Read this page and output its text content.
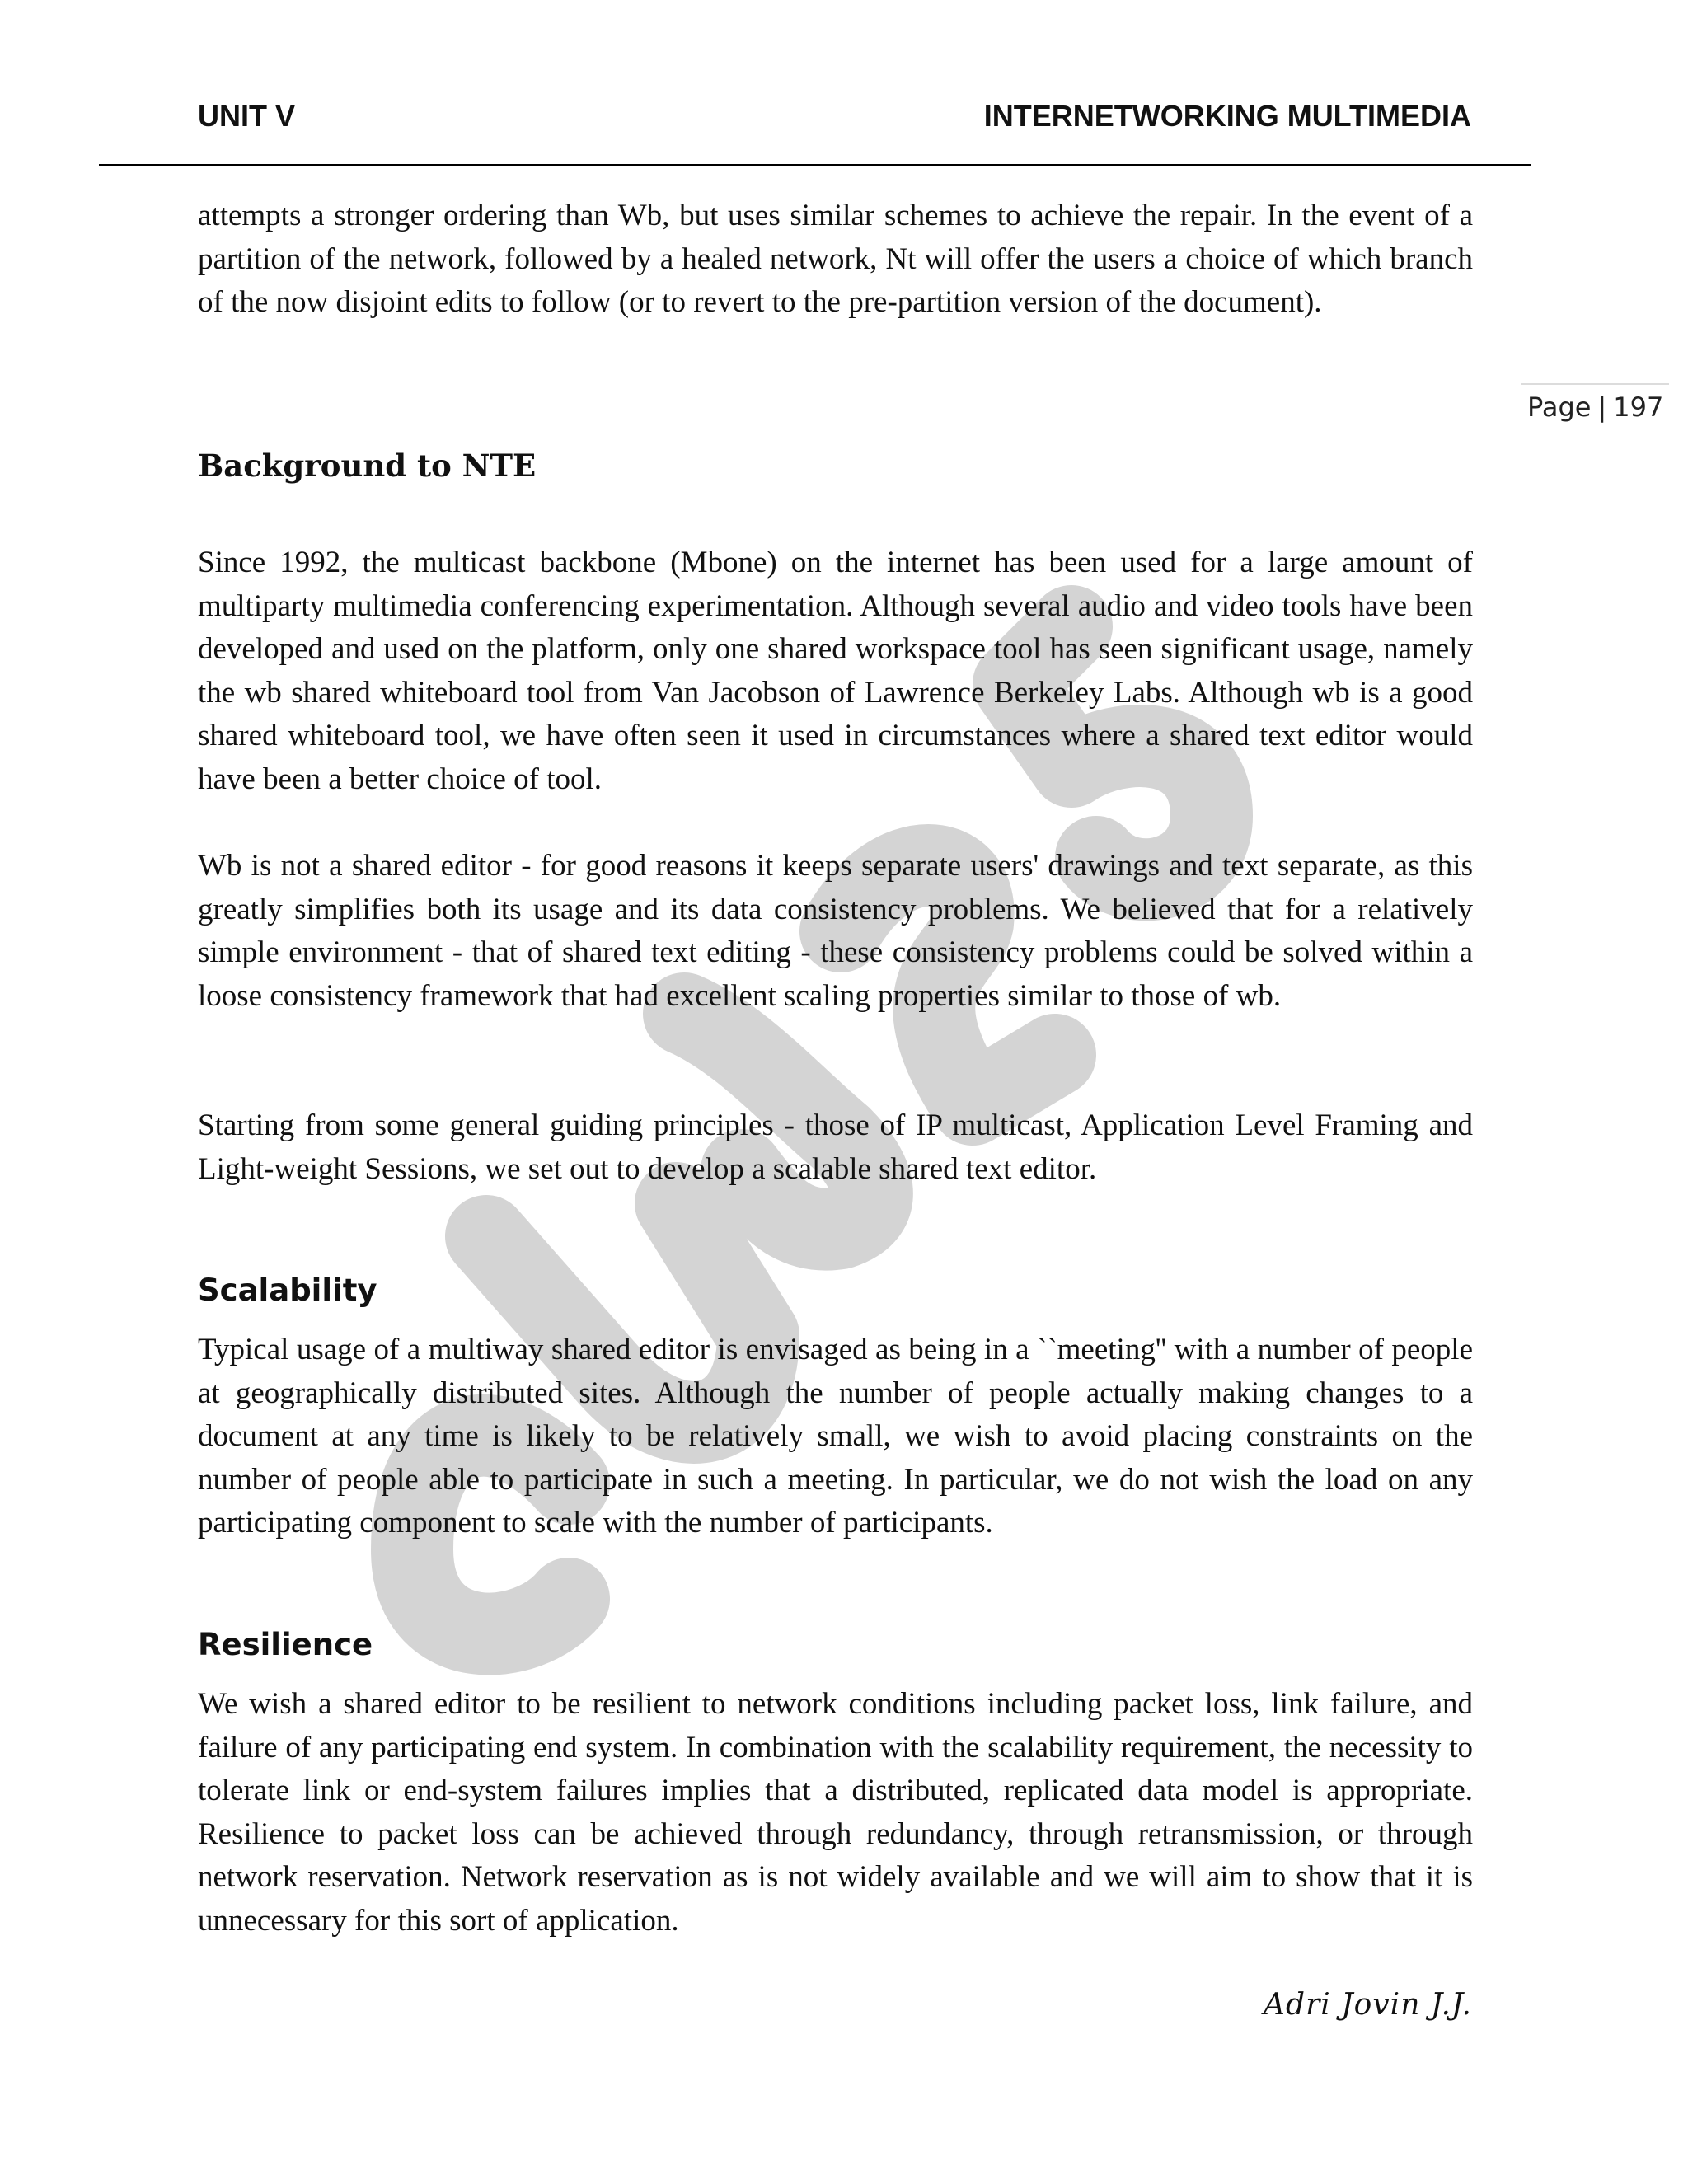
UNIT V	INTERNETWORKING MULTIMEDIA
Page | 197

attempts a stronger ordering than Wb, but uses similar schemes to achieve the repair. In the event of a partition of the network, followed by a healed network, Nt will offer the users a choice of which branch of the now disjoint edits to follow (or to revert to the pre-partition version of the document).

Background to NTE

Since 1992, the multicast backbone (Mbone) on the internet has been used for a large amount of multiparty multimedia conferencing experimentation. Although several audio and video tools have been developed and used on the platform, only one shared workspace tool has seen significant usage, namely the wb shared whiteboard tool from Van Jacobson of Lawrence Berkeley Labs. Although wb is a good shared whiteboard tool, we have often seen it used in circumstances where a shared text editor would have been a better choice of tool.

Wb is not a shared editor - for good reasons it keeps separate users' drawings and text separate, as this greatly simplifies both its usage and its data consistency problems. We believed that for a relatively simple environment - that of shared text editing - these consistency problems could be solved within a loose consistency framework that had excellent scaling properties similar to those of wb.

Starting from some general guiding principles - those of IP multicast, Application Level Framing and Light-weight Sessions, we set out to develop a scalable shared text editor.

Scalability

Typical usage of a multiway shared editor is envisaged as being in a ``meeting'' with a number of people at geographically distributed sites. Although the number of people actually making changes to a document at any time is likely to be relatively small, we wish to avoid placing constraints on the number of people able to participate in such a meeting. In particular, we do not wish the load on any participating component to scale with the number of participants.

Resilience

We wish a shared editor to be resilient to network conditions including packet loss, link failure, and failure of any participating end system. In combination with the scalability requirement, the necessity to tolerate link or end-system failures implies that a distributed, replicated data model is appropriate. Resilience to packet loss can be achieved through redundancy, through retransmission, or through network reservation. Network reservation as is not widely available and we will aim to show that it is unnecessary for this sort of application.

Adri Jovin J.J.
